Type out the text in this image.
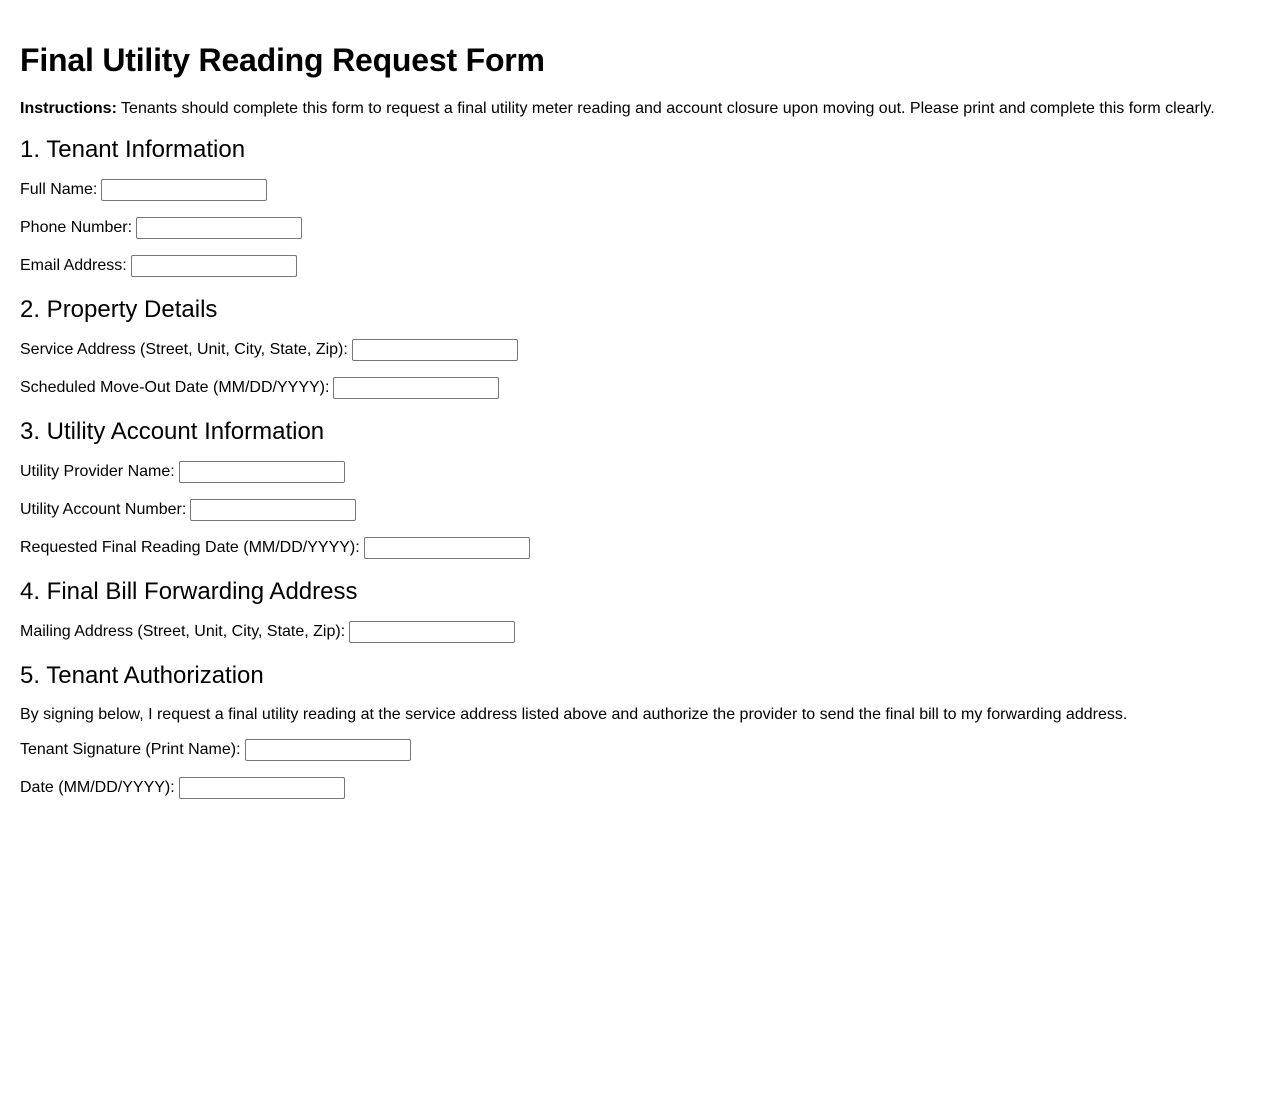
Final Utility Reading Request Form

Instructions: Tenants should complete this form to request a final utility meter reading and account closure upon moving out. Please print and complete this form clearly.

1. Tenant Information
Full Name:
Phone Number:
Email Address:
2. Property Details
Service Address (Street, Unit, City, State, Zip):
Scheduled Move-Out Date (MM/DD/YYYY):
3. Utility Account Information
Utility Provider Name:
Utility Account Number:
Requested Final Reading Date (MM/DD/YYYY):
4. Final Bill Forwarding Address
Mailing Address (Street, Unit, City, State, Zip):
5. Tenant Authorization
By signing below, I request a final utility reading at the service address listed above and authorize the provider to send the final bill to my forwarding address.
Tenant Signature (Print Name):
Date (MM/DD/YYYY):
